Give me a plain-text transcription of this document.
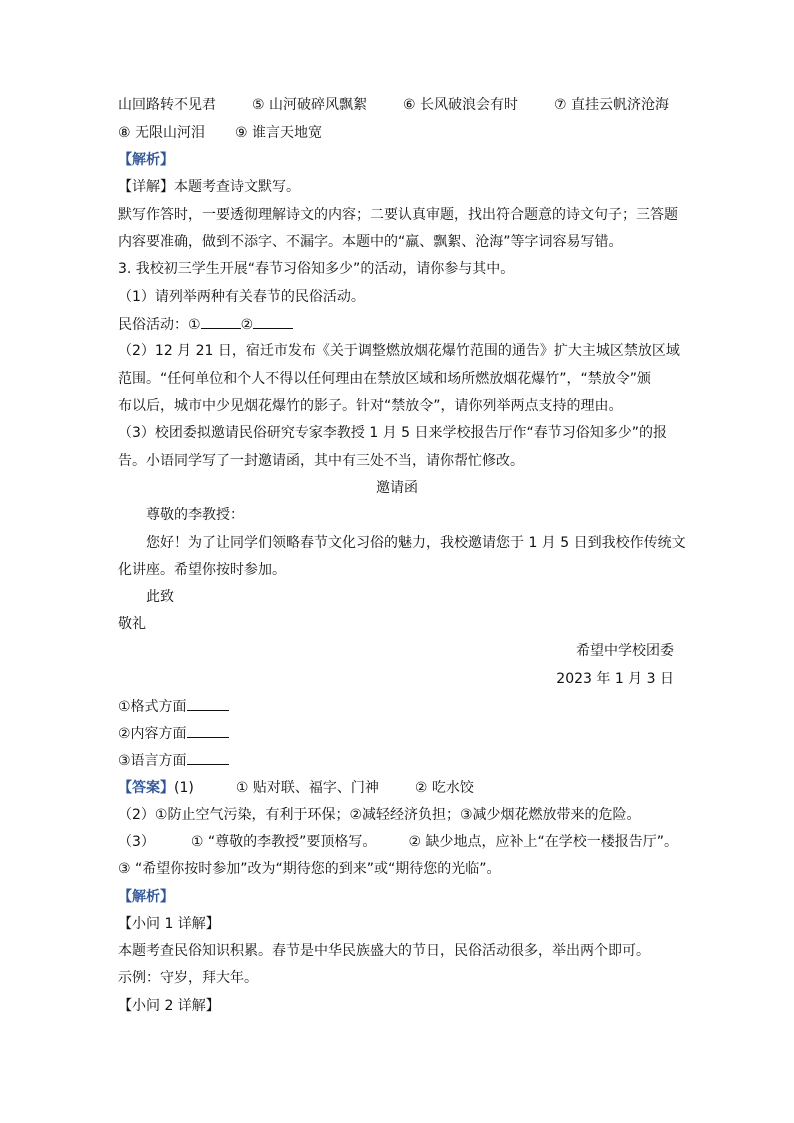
山回路转不见君	⑤ 山河破碎风飘絮	⑥ 长风破浪会有时	⑦ 直挂云帆济沧海
⑧ 无限山河泪 ⑨ 谁言天地宽
【解析】
【详解】本题考查诗文默写。
默写作答时，一要透彻理解诗文的内容；二要认真审题，找出符合题意的诗文句子；三答题
内容要准确，做到不添字、不漏字。本题中的“羸、飘絮、沧海”等字词容易写错。
3. 我校初三学生开展“春节习俗知多少”的活动，请你参与其中。
（1）请列举两种有关春节的民俗活动。
民俗活动：①	②
（2）12 月 21 日，宿迁市发布《关于调整燃放烟花爆竹范围的通告》扩大主城区禁放区域
范围。“任何单位和个人不得以任何理由在禁放区域和场所燃放烟花爆竹”，“禁放令”颁
布以后，城市中少见烟花爆竹的影子。针对“禁放令”，请你列举两点支持的理由。
（3）校团委拟邀请民俗研究专家李教授 1 月 5 日来学校报告厅作“春节习俗知多少”的报
告。小语同学写了一封邀请函，其中有三处不当，请你帮忙修改。
邀请函
尊敬的李教授：
您好！为了让同学们领略春节文化习俗的魅力，我校邀请您于 1 月 5 日到我校作传统文
化讲座。希望你按时参加。
此致
敬礼
希望中学校团委
2023 年 1 月 3 日
①格式方面
②内容方面
③语言方面
【答案】(1)	① 贴对联、福字、门神	② 吃水饺
（2）①防止空气污染，有利于环保；②减轻经济负担；③减少烟花燃放带来的危险。
（3）	① “尊敬的李教授”要顶格写。 ② 缺少地点，应补上“在学校一楼报告厅”。
③ “希望你按时参加”改为“期待您的到来”或“期待您的光临”。
【解析】
【小问 1 详解】
本题考查民俗知识积累。春节是中华民族盛大的节日，民俗活动很多，举出两个即可。
示例：守岁，拜大年。
【小问 2 详解】
